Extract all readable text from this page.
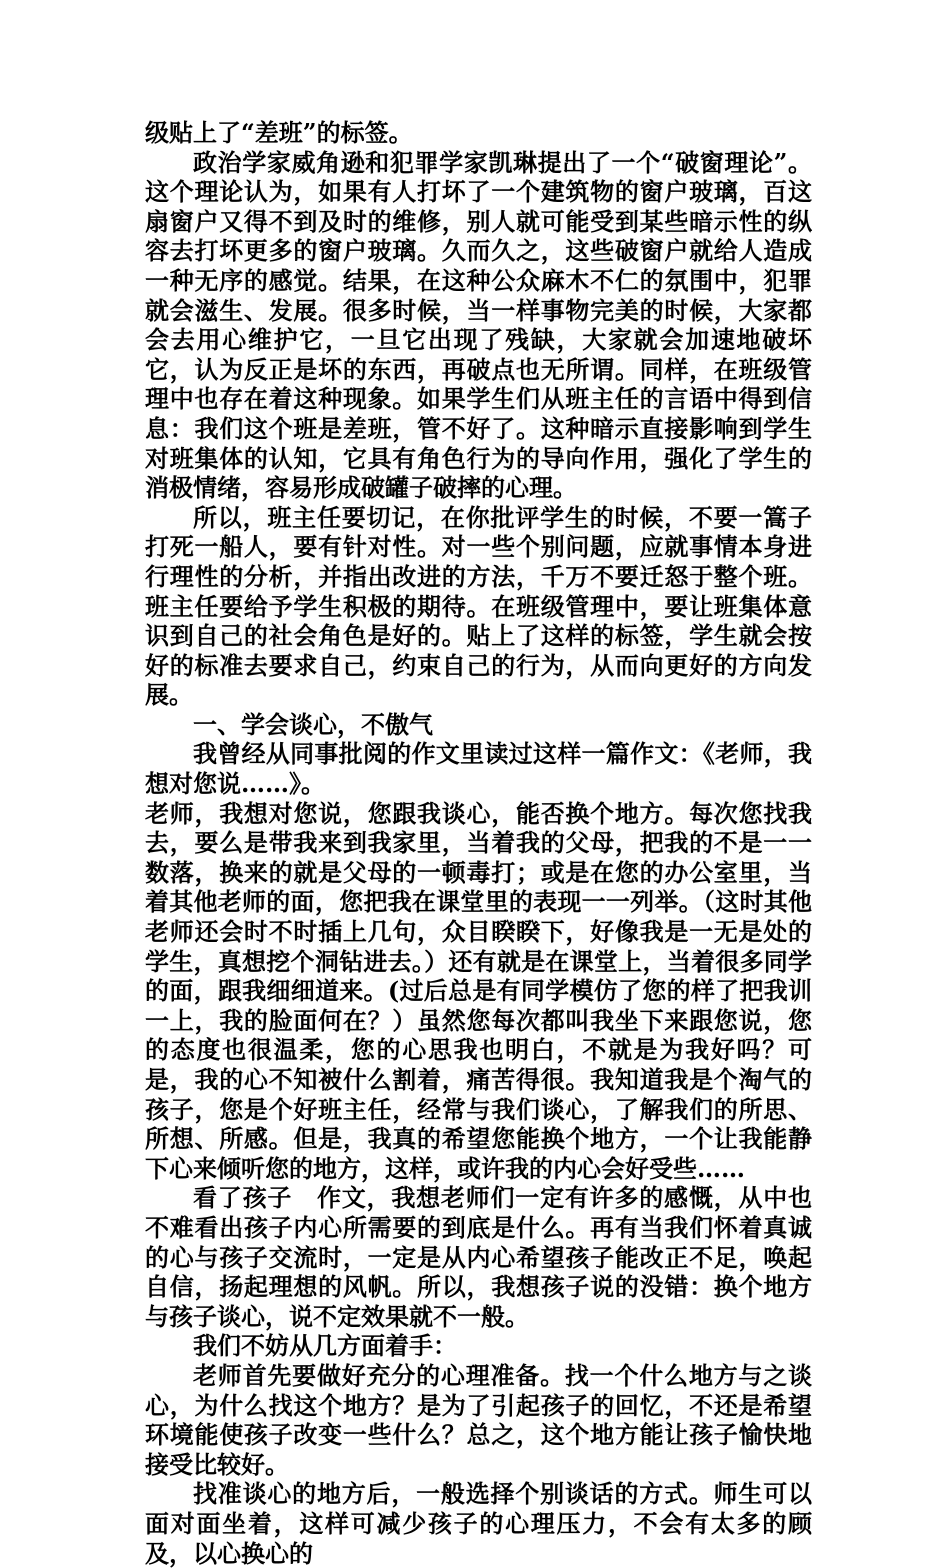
级贴上了“差班”的标签。

政治学家威角逊和犯罪学家凯琳提出了一个“破窗理论”。这个理论认为，如果有人打坏了一个建筑物的窗户玻璃，百这扇窗户又得不到及时的维修，别人就可能受到某些暗示性的纵容去打坏更多的窗户玻璃。久而久之，这些破窗户就给人造成一种无序的感觉。结果，在这种公众麻木不仁的氛围中，犯罪就会滋生、发展。很多时候，当一样事物完美的时候，大家都会去用心维护它，一旦它出现了残缺，大家就会加速地破坏它，认为反正是坏的东西，再破点也无所谓。同样，在班级管理中也存在着这种现象。如果学生们从班主任的言语中得到信息：我们这个班是差班，管不好了。这种暗示直接影响到学生对班集体的认知，它具有角色行为的导向作用，强化了学生的消极情绪，容易形成破罐子破摔的心理。

所以，班主任要切记，在你批评学生的时候，不要一篙子打死一船人，要有针对性。对一些个别问题，应就事情本身进行理性的分析，并指出改进的方法，千万不要迁怒于整个班。班主任要给予学生积极的期待。在班级管理中，要让班集体意识到自己的社会角色是好的。贴上了这样的标签，学生就会按好的标准去要求自己，约束自己的行为，从而向更好的方向发展。

一、学会谈心，不傲气

我曾经从同事批阅的作文里读过这样一篇作文：《老师，我想对您说……》。

老师，我想对您说，您跟我谈心，能否换个地方。每次您找我去，要么是带我来到我家里，当着我的父母，把我的不是一一数落，换来的就是父母的一顿毒打；或是在您的办公室里，当着其他老师的面，您把我在课堂里的表现一一列举。（这时其他老师还会时不时插上几句，众目睽睽下，好像我是一无是处的学生，真想挖个洞钻进去。）还有就是在课堂上，当着很多同学的面，跟我细细道来。(过后总是有同学模仿了您的样了把我训一上，我的脸面何在？）虽然您每次都叫我坐下来跟您说，您的态度也很温柔，您的心思我也明白，不就是为我好吗？可是，我的心不知被什么割着，痛苦得很。我知道我是个淘气的孩子，您是个好班主任，经常与我们谈心，了解我们的所思、所想、所感。但是，我真的希望您能换个地方，一个让我能静下心来倾听您的地方，这样，或许我的内心会好受些……

看了孩子　作文，我想老师们一定有许多的感慨，从中也不难看出孩子内心所需要的到底是什么。再有当我们怀着真诚的心与孩子交流时，一定是从内心希望孩子能改正不足，唤起自信，扬起理想的风帆。所以，我想孩子说的没错：换个地方与孩子谈心，说不定效果就不一般。

我们不妨从几方面着手：

老师首先要做好充分的心理准备。找一个什么地方与之谈心，为什么找这个地方？是为了引起孩子的回忆，不还是希望环境能使孩子改变一些什么？总之，这个地方能让孩子愉快地接受比较好。

找准谈心的地方后，一般选择个别谈话的方式。师生可以面对面坐着，这样可减少孩子的心理压力，不会有太多的顾及，以心换心的
